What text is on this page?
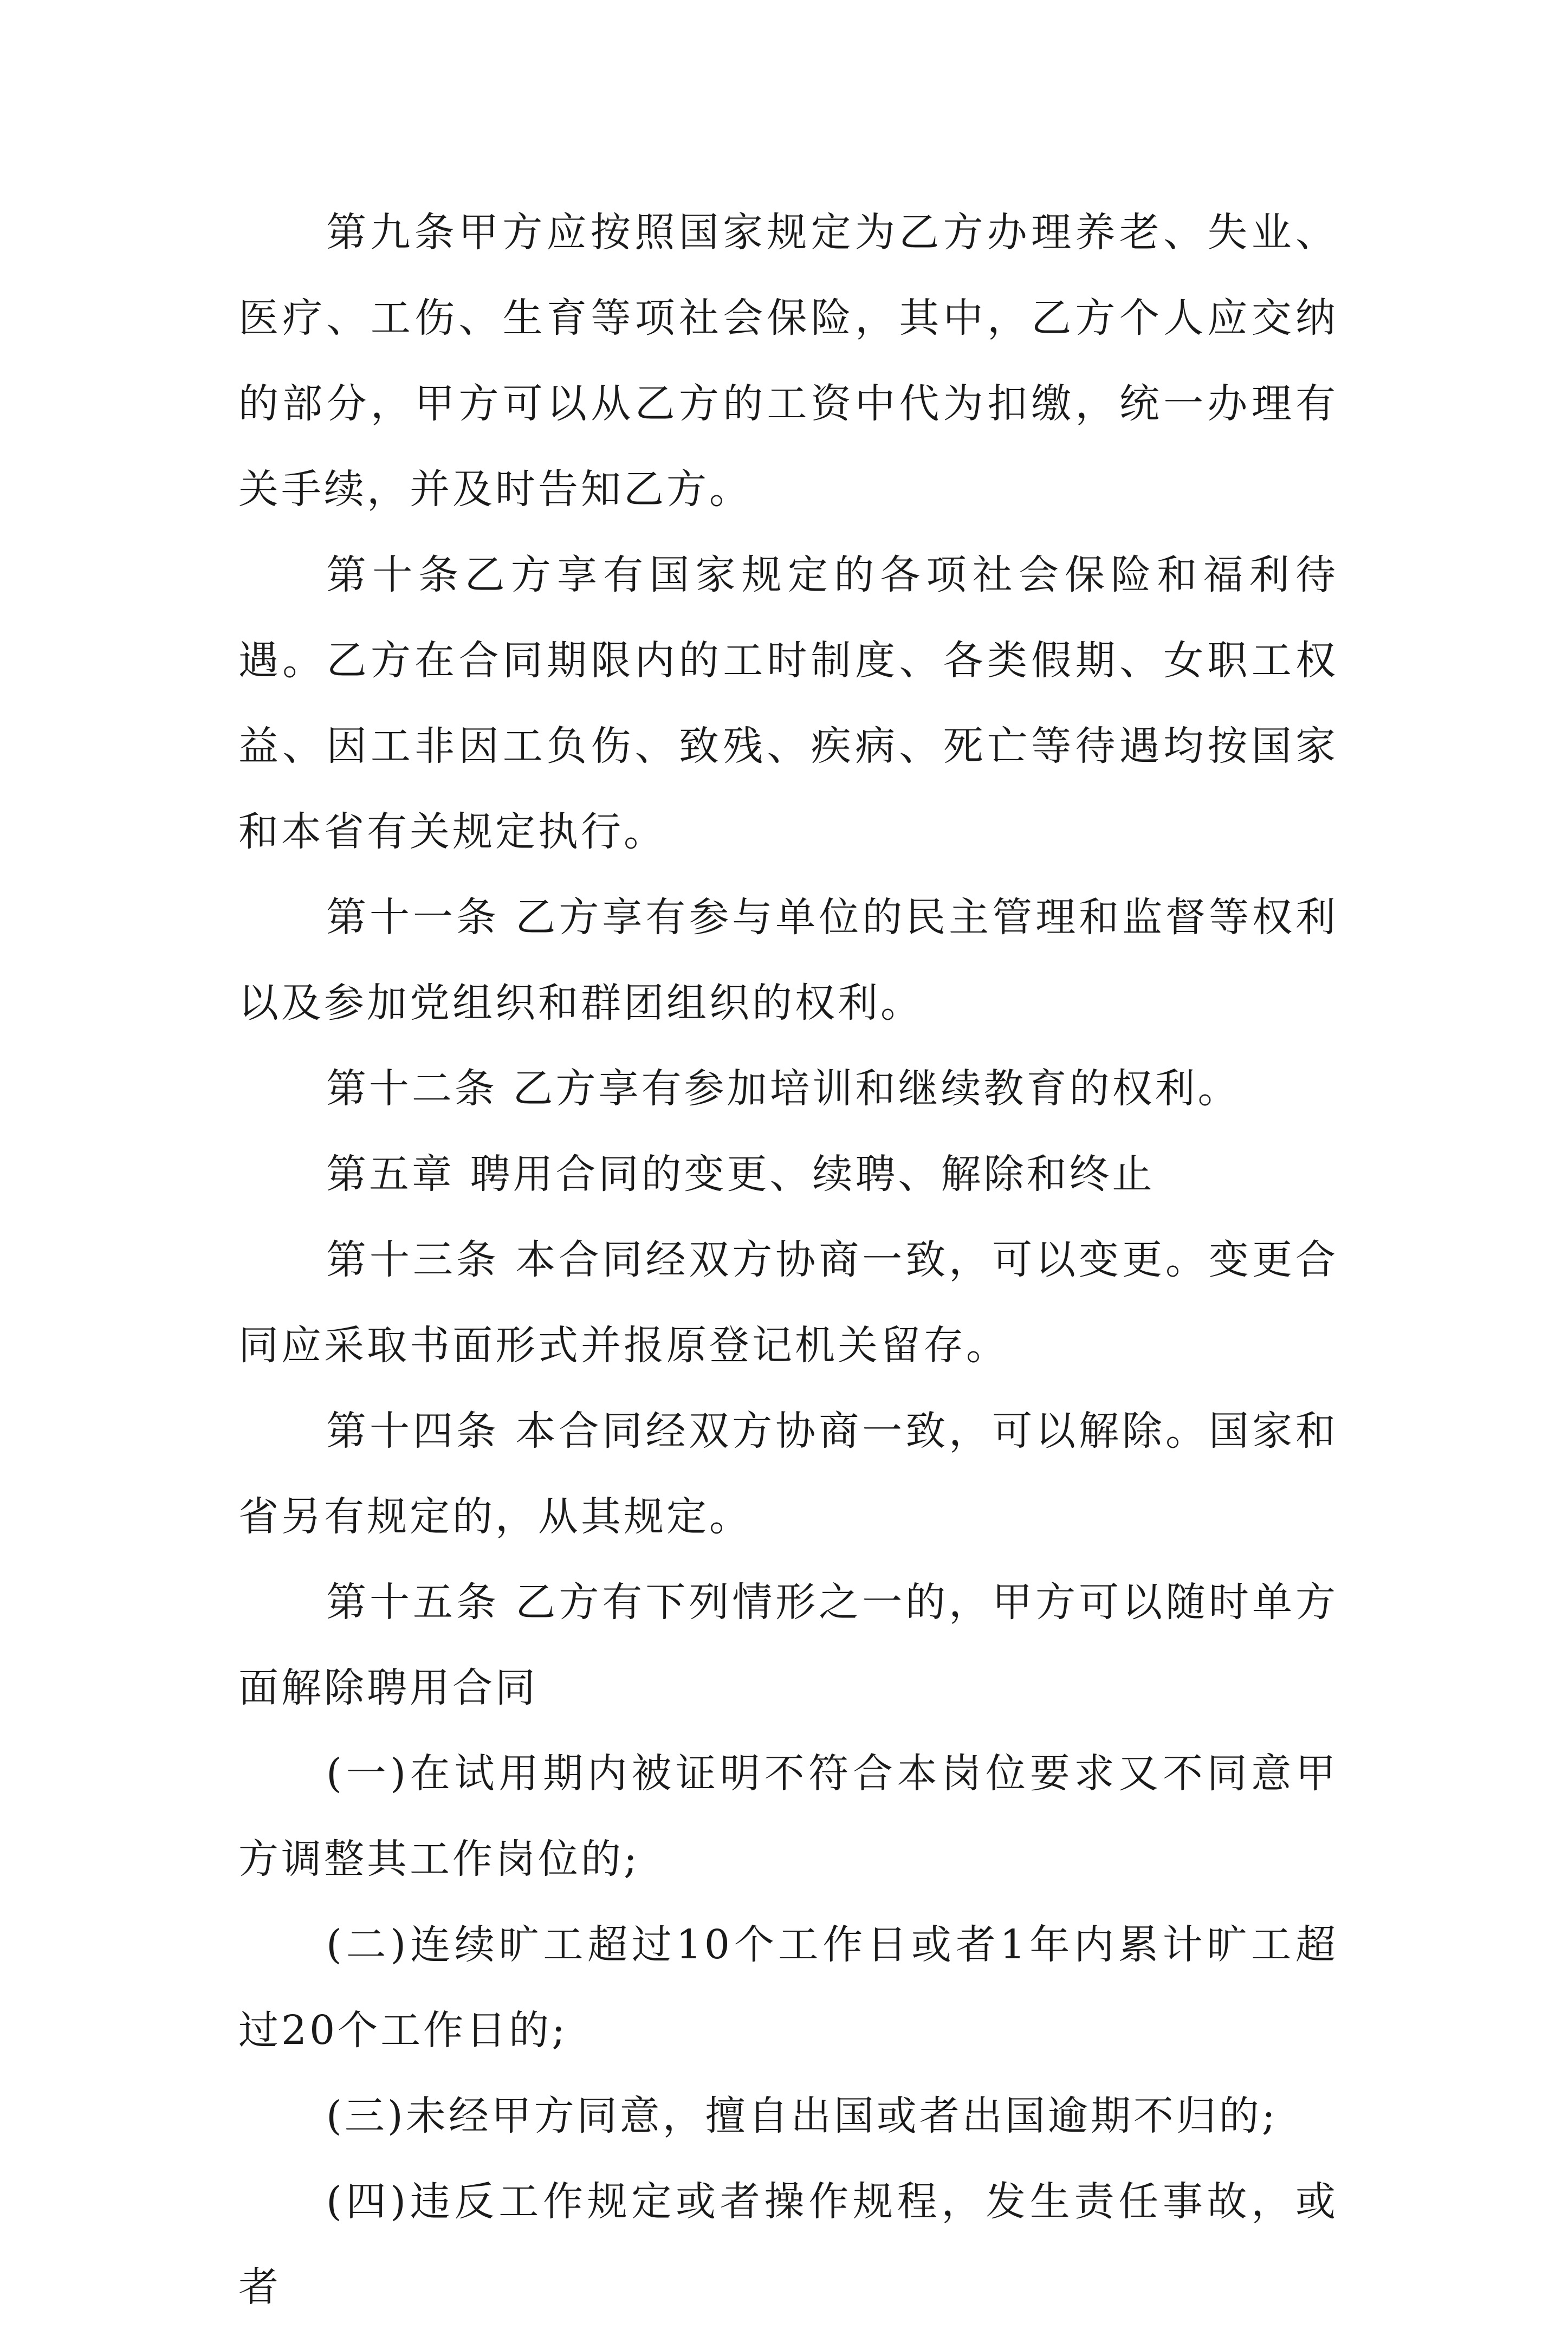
第九条甲方应按照国家规定为乙方办理养老、失业、医疗、工伤、生育等项社会保险，其中，乙方个人应交纳的部分，甲方可以从乙方的工资中代为扣缴，统一办理有关手续，并及时告知乙方。

第十条乙方享有国家规定的各项社会保险和福利待遇。乙方在合同期限内的工时制度、各类假期、女职工权益、因工非因工负伤、致残、疾病、死亡等待遇均按国家和本省有关规定执行。

第十一条 乙方享有参与单位的民主管理和监督等权利以及参加党组织和群团组织的权利。

第十二条 乙方享有参加培训和继续教育的权利。

第五章 聘用合同的变更、续聘、解除和终止

第十三条 本合同经双方协商一致，可以变更。变更合同应采取书面形式并报原登记机关留存。

第十四条 本合同经双方协商一致，可以解除。国家和省另有规定的，从其规定。

第十五条 乙方有下列情形之一的，甲方可以随时单方面解除聘用合同

(一)在试用期内被证明不符合本岗位要求又不同意甲方调整其工作岗位的;

(二)连续旷工超过10个工作日或者1年内累计旷工超过20个工作日的;

(三)未经甲方同意，擅自出国或者出国逾期不归的;

(四)违反工作规定或者操作规程，发生责任事故，或者
